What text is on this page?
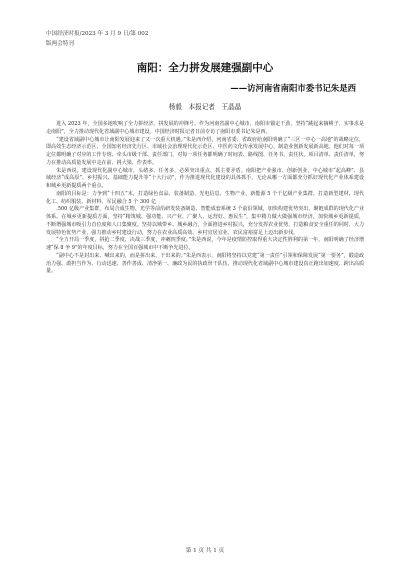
中国经济时报/2023 年 3 月 9 日/第 002
版两会特刊
南阳：全力拼发展建强副中心
——访河南省南阳市委书记朱是西
杨毅　本报记者　王晶晶

进入 2023 年，全国多地吹响了全力拼经济、拼发展的冲锋号。作为河南省副中心城市，南阳市锚定干劲，坚持“跳起来摘桃子，实事求是走南阳”，全力推动现代化省域副中心城市建设。中国经济时报记者日前专访了南阳市委书记朱是西。

“建设省域副中心城市让南阳发展迎来了又一次重大机遇。”朱是西介绍，河南省委、省政府给南阳明确了“三区一中心一高地”的战略定位，即高效生态经济示范区、全国知名经济先行区、市域社会治理现代化示范区、中医药文化传承发展中心、制造业创新发展新高地。他们对每一项定位都明确了对应的工作专班、牵头市级干部、责任部门，对每一项任务都明确了时间表、路线图、任务书、责任状，项目清单、责任清单，努力在推动高质量发展中走在前、挑大梁、作表率。

朱是西说，建设现代化副中心城市，头绪多、任务多，必须突出重点、抓主要矛盾。南阳把产业强市、创新创业、中心城市“起高峰”、县域经济“成高原”、乡村振兴、基础能力提升等“十大行动”，作为推进现代化建设的具体抓手，无论从哪一方面都充分抓好现代化产业体系建设和城乡更新提质两个重点。

南阳的目标是：力争到“十四五”末，打造绿色食品、装备制造、光电信息、生物产业、新能源 5 个千亿级产业集群，打造新型建材、现代化工、纺织服装、新材料、军民融合 5 个 300 亿

.500 亿级产业集群，布局合成生物、光学等前沿研发装备制造、智能成套系统 3 个前沿领域，加快构建优势突出、聚链成群的现代化产业体系。在城乡更新提质方面，坚持“精筑城、强功能、兴产业、广聚人、运营好、惠民生”，集中精力做大做强城市经济，加快城乡更新提质，不断增强城市吸引力首位度和人口集聚度。坚持以城带乡、城乡融合，全面推进乡村振兴，充分发挥农业优势，打造粮食安全重任的同时，大力发展特色优势产业，强力推动乡村建设行动，努力在农业高质高效、乡村宜居宜业、农民富裕富足上迈出新步伐。

“全力开局一季度，拼抢二季度，决战三季度，冲刺四季度。”朱是西说，今年是疫情防控取得重大决定性胜利的第一年，南阳明确了经济增速“保 8 争 9”的年度目标，努力在全国百强城市中不断争先进位。

“副中心不是封出来、喊出来的，而是拼出来、干出来的。”朱是西表示，南阳将坚持以党建“第一责任”引领和保障发展“第一要务”，锻造政治力强、敢担当作为、行动迅速、善作善成、清净第一、廉政为民的执政骨干队伍，推动现代化省域副中心城市建设真正跑出加速度、跨出高质量。

第 1 页 共 1 页
